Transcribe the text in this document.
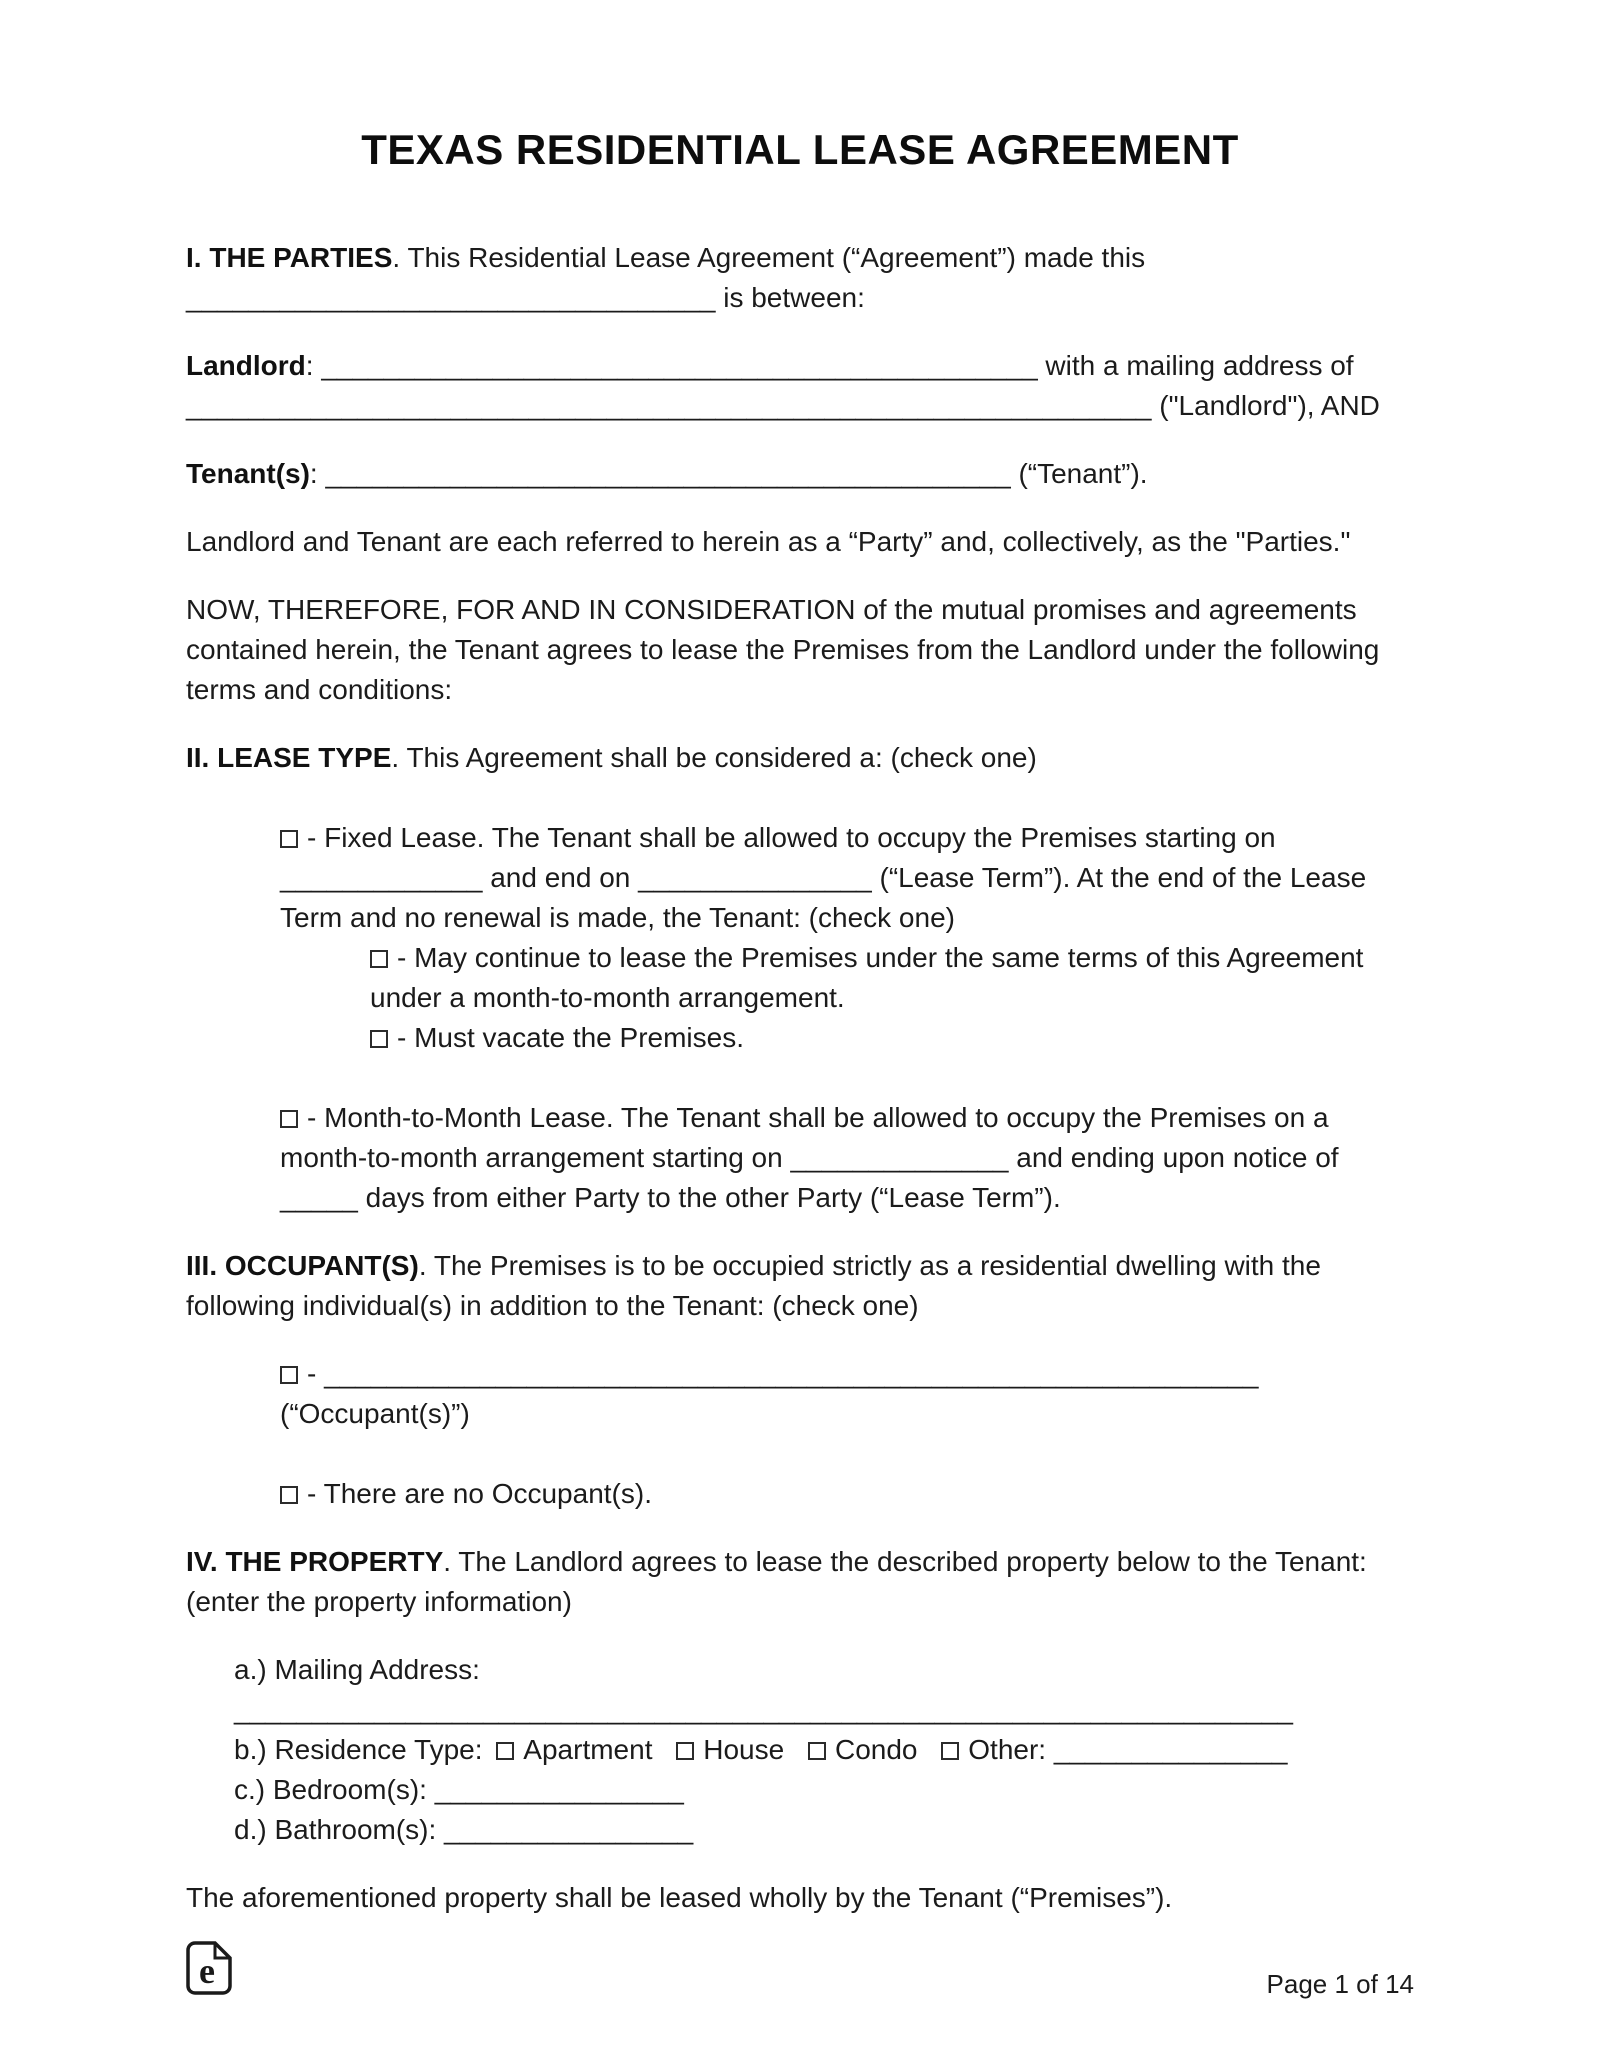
TEXAS RESIDENTIAL LEASE AGREEMENT

I. THE PARTIES. This Residential Lease Agreement (“Agreement”) made this __________________________________ is between:

Landlord: ______________________________________________ with a mailing address of ______________________________________________________________ ("Landlord"), AND

Tenant(s): ____________________________________________ (“Tenant”).

Landlord and Tenant are each referred to herein as a “Party” and, collectively, as the "Parties."

NOW, THEREFORE, FOR AND IN CONSIDERATION of the mutual promises and agreements contained herein, the Tenant agrees to lease the Premises from the Landlord under the following terms and conditions:

II. LEASE TYPE. This Agreement shall be considered a: (check one)

- Fixed Lease. The Tenant shall be allowed to occupy the Premises starting on _____________ and end on _______________ (“Lease Term”). At the end of the Lease Term and no renewal is made, the Tenant: (check one)

- May continue to lease the Premises under the same terms of this Agreement under a month-to-month arrangement.

- Must vacate the Premises.

- Month-to-Month Lease. The Tenant shall be allowed to occupy the Premises on a month-to-month arrangement starting on ______________ and ending upon notice of _____ days from either Party to the other Party (“Lease Term”).

III. OCCUPANT(S). The Premises is to be occupied strictly as a residential dwelling with the following individual(s) in addition to the Tenant: (check one)

- ____________________________________________________________ (“Occupant(s)”)

- There are no Occupant(s).

IV. THE PROPERTY. The Landlord agrees to lease the described property below to the Tenant: (enter the property information)

a.) Mailing Address: ____________________________________________________________________

b.) Residence Type: Apartment House Condo Other: _______________

c.) Bedroom(s): ________________

d.) Bathroom(s): ________________

The aforementioned property shall be leased wholly by the Tenant (“Premises”).

e	Page 1 of 14
